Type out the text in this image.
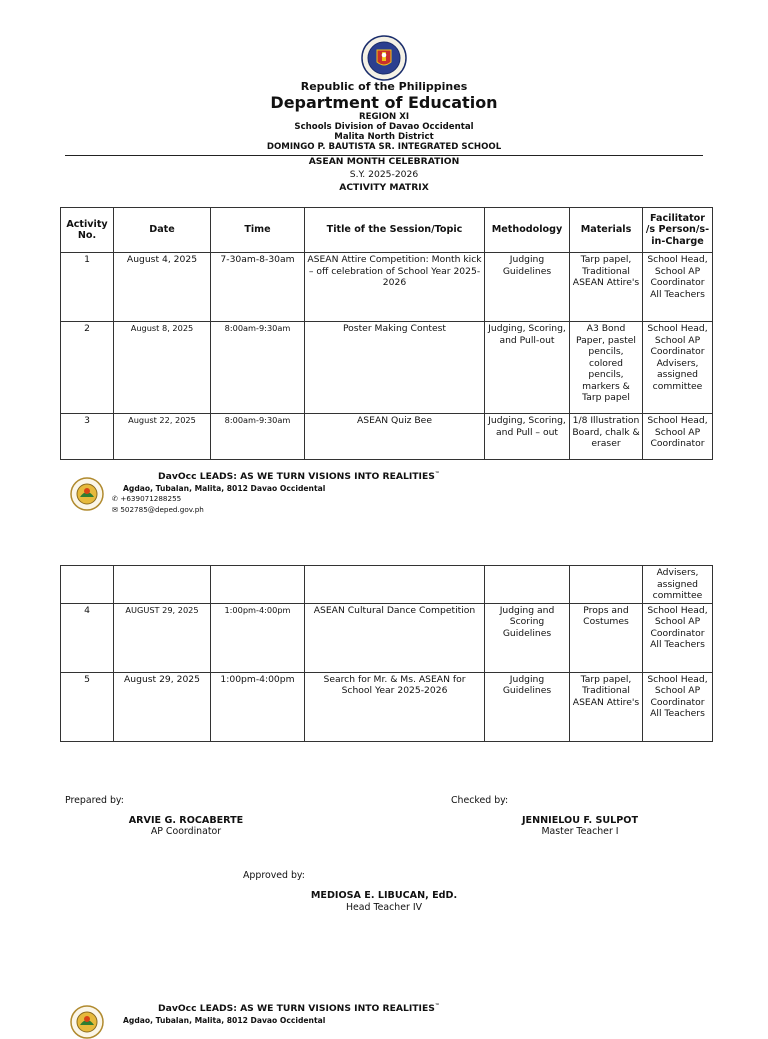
Republic of the Philippines
Department of Education
REGION XI
Schools Division of Davao Occidental
Malita North District
DOMINGO P. BAUTISTA SR. INTEGRATED SCHOOL
ASEAN MONTH CELEBRATION
S.Y. 2025-2026
ACTIVITY MATRIX
Activity No.	Date	Time	Title of the Session/Topic	Methodology	Materials	Facilitator /s Person/s-in-Charge
1	August 4, 2025	7-30am-8-30am	ASEAN Attire Competition: Month kick – off celebration of School Year 2025-2026	Judging Guidelines	Tarp papel, Traditional ASEAN Attire's	School Head, School AP Coordinator All Teachers
2	August 8, 2025	8:00am-9:30am	Poster Making Contest	Judging, Scoring, and Pull-out	A3 Bond Paper, pastel pencils, colored pencils, markers & Tarp papel	School Head, School AP Coordinator Advisers, assigned committee
3	August 22, 2025	8:00am-9:30am	ASEAN Quiz Bee	Judging, Scoring, and Pull – out	1/8 Illustration Board, chalk & eraser	School Head, School AP Coordinator
DavOcc LEADS: AS WE TURN VISIONS INTO REALITIES™
Agdao, Tubalan, Malita, 8012 Davao Occidental
✆ +639071288255
✉ 502785@deped.gov.ph
						Advisers, assigned committee
4	AUGUST 29, 2025	1:00pm-4:00pm	ASEAN Cultural Dance Competition	Judging and Scoring Guidelines	Props and Costumes	School Head, School AP Coordinator All Teachers
5	August 29, 2025	1:00pm-4:00pm	Search for Mr. & Ms. ASEAN for School Year 2025-2026	Judging Guidelines	Tarp papel, Traditional ASEAN Attire's	School Head, School AP Coordinator All Teachers
Prepared by:
ARVIE G. ROCABERTE
AP Coordinator
Checked by:
JENNIELOU F. SULPOT
Master Teacher I
Approved by:
MEDIOSA E. LIBUCAN, EdD.
Head Teacher IV
DavOcc LEADS: AS WE TURN VISIONS INTO REALITIES™
Agdao, Tubalan, Malita, 8012 Davao Occidental
